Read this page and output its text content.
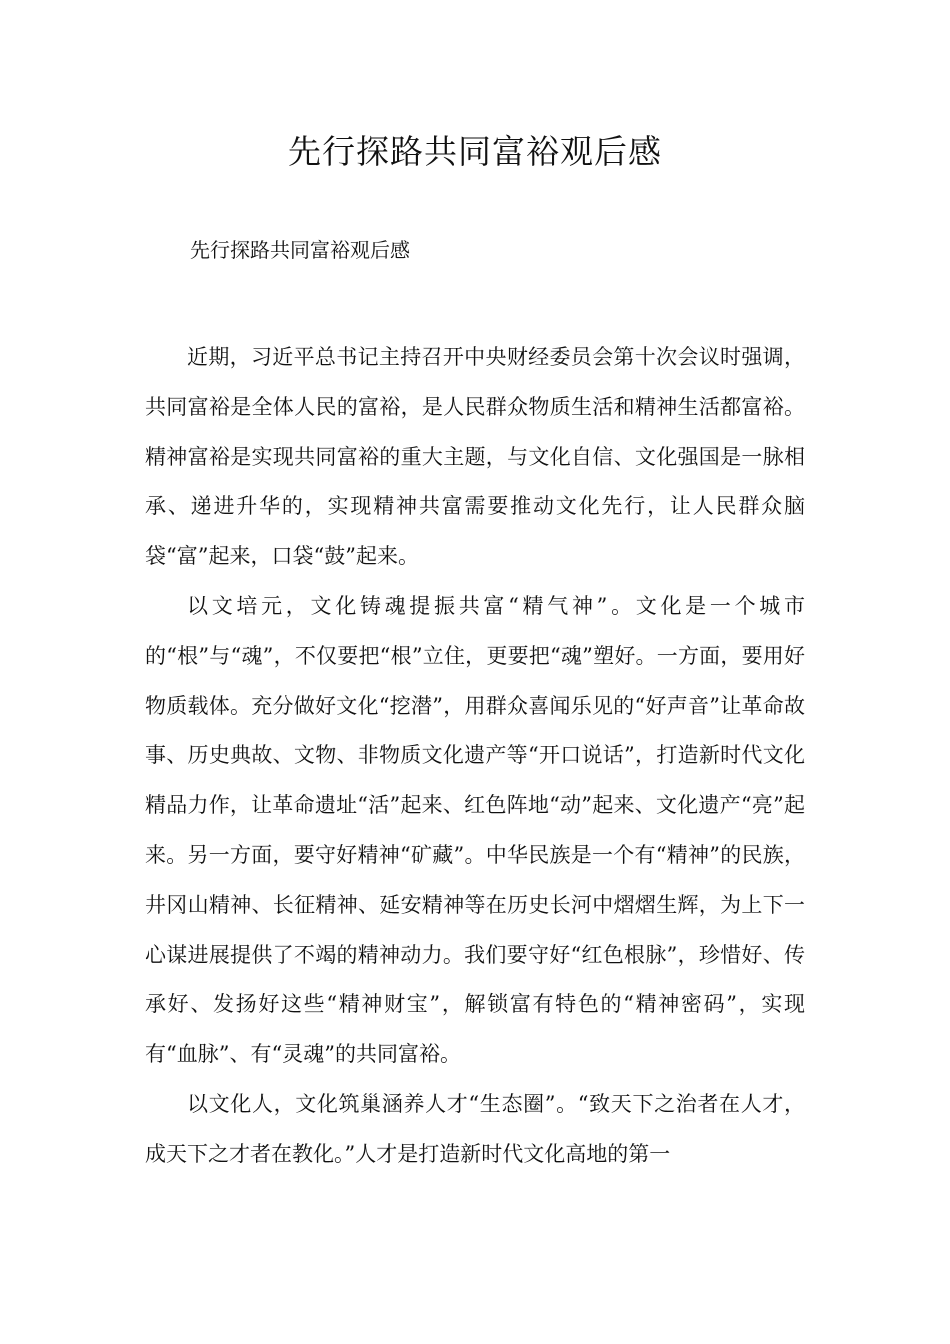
先行探路共同富裕观后感

先行探路共同富裕观后感

近期，习近平总书记主持召开中央财经委员会第十次会议时强调，共同富裕是全体人民的富裕，是人民群众物质生活和精神生活都富裕。精神富裕是实现共同富裕的重大主题，与文化自信、文化强国是一脉相承、递进升华的，实现精神共富需要推动文化先行，让人民群众脑袋“富”起来，口袋“鼓”起来。

以文培元，文化铸魂提振共富“精气神”。文化是一个城市的“根”与“魂”，不仅要把“根”立住，更要把“魂”塑好。一方面，要用好物质载体。充分做好文化“挖潜”，用群众喜闻乐见的“好声音”让革命故事、历史典故、文物、非物质文化遗产等“开口说话”，打造新时代文化精品力作，让革命遗址“活”起来、红色阵地“动”起来、文化遗产“亮”起来。另一方面，要守好精神“矿藏”。中华民族是一个有“精神”的民族，井冈山精神、长征精神、延安精神等在历史长河中熠熠生辉，为上下一心谋进展提供了不竭的精神动力。我们要守好“红色根脉”，珍惜好、传承好、发扬好这些“精神财宝”，解锁富有特色的“精神密码”，实现有“血脉”、有“灵魂”的共同富裕。

以文化人，文化筑巢涵养人才“生态圈”。“致天下之治者在人才，成天下之才者在教化。”人才是打造新时代文化高地的第一
